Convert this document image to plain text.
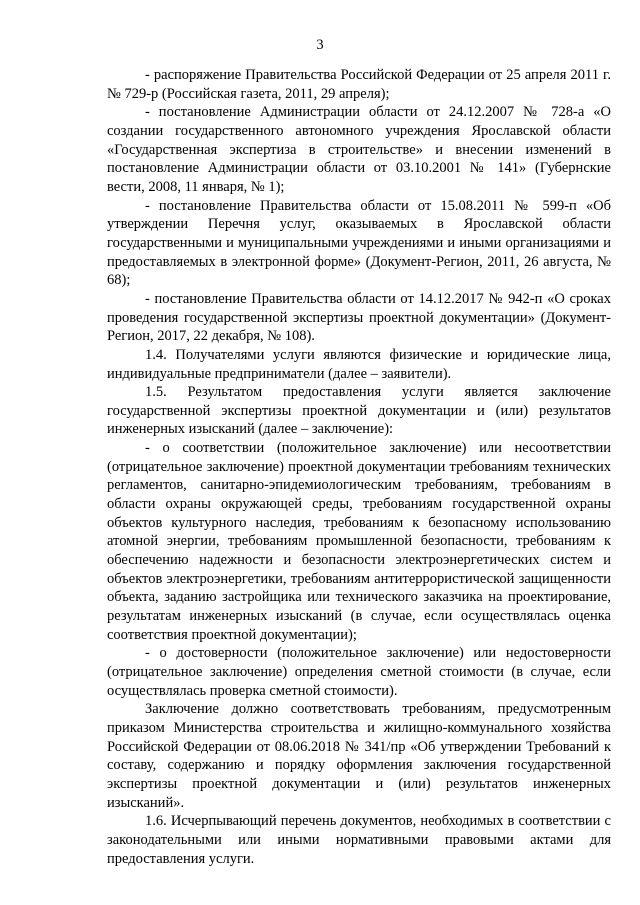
3

- распоряжение Правительства Российской Федерации от 25 апреля 2011 г. № 729-р (Российская газета, 2011, 29 апреля);

- постановление Администрации области от 24.12.2007 № 728-а «О создании государственного автономного учреждения Ярославской области «Государственная экспертиза в строительстве» и внесении изменений в постановление Администрации области от 03.10.2001 № 141» (Губернские вести, 2008, 11 января, № 1);

- постановление Правительства области от 15.08.2011 № 599-п «Об утверждении Перечня услуг, оказываемых в Ярославской области государственными и муниципальными учреждениями и иными организациями и предоставляемых в электронной форме» (Документ-Регион, 2011, 26 августа, № 68);

- постановление Правительства области от 14.12.2017 № 942-п «О сроках проведения государственной экспертизы проектной документации» (Документ-Регион, 2017, 22 декабря, № 108).

1.4. Получателями услуги являются физические и юридические лица, индивидуальные предприниматели (далее – заявители).

1.5. Результатом предоставления услуги является заключение государственной экспертизы проектной документации и (или) результатов инженерных изысканий (далее – заключение):

- о соответствии (положительное заключение) или несоответствии (отрицательное заключение) проектной документации требованиям технических регламентов, санитарно-эпидемиологическим требованиям, требованиям в области охраны окружающей среды, требованиям государственной охраны объектов культурного наследия, требованиям к безопасному использованию атомной энергии, требованиям промышленной безопасности, требованиям к обеспечению надежности и безопасности электроэнергетических систем и объектов электроэнергетики, требованиям антитеррористической защищенности объекта, заданию застройщика или технического заказчика на проектирование, результатам инженерных изысканий (в случае, если осуществлялась оценка соответствия проектной документации);

- о достоверности (положительное заключение) или недостоверности (отрицательное заключение) определения сметной стоимости (в случае, если осуществлялась проверка сметной стоимости).

Заключение должно соответствовать требованиям, предусмотренным приказом Министерства строительства и жилищно-коммунального хозяйства Российской Федерации от 08.06.2018 № 341/пр «Об утверждении Требований к составу, содержанию и порядку оформления заключения государственной экспертизы проектной документации и (или) результатов инженерных изысканий».

1.6. Исчерпывающий перечень документов, необходимых в соответствии с законодательными или иными нормативными правовыми актами для предоставления услуги.
